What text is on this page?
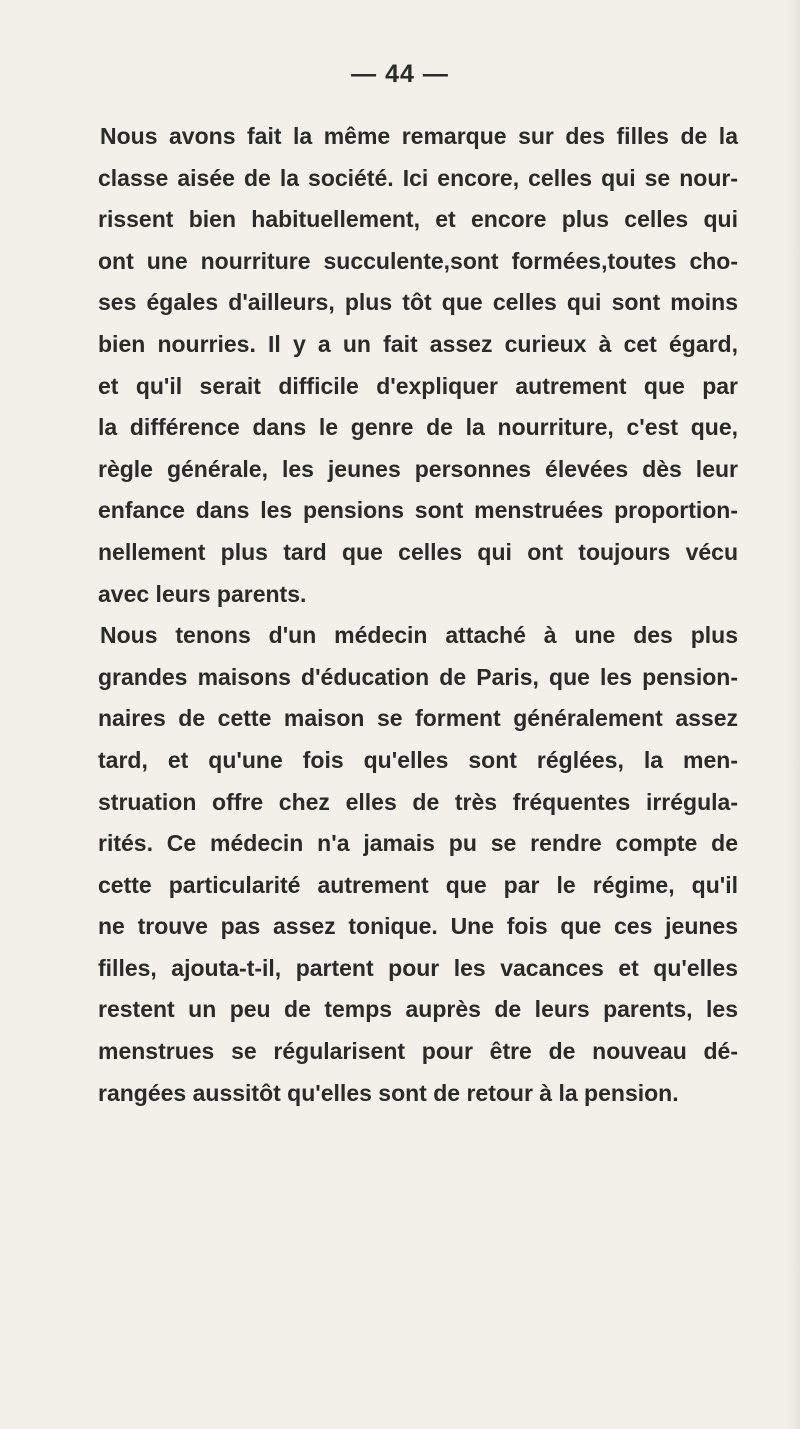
— 44 —
Nous avons fait la même remarque sur des filles de la
classe aisée de la société. Ici encore, celles qui se nour-
rissent bien habituellement, et encore plus celles qui
ont une nourriture succulente,sont formées,toutes cho-
ses égales d'ailleurs, plus tôt que celles qui sont moins
bien nourries. Il y a un fait assez curieux à cet égard,
et qu'il serait difficile d'expliquer autrement que par
la différence dans le genre de la nourriture, c'est que,
règle générale, les jeunes personnes élevées dès leur
enfance dans les pensions sont menstruées proportion-
nellement plus tard que celles qui ont toujours vécu
avec leurs parents.
Nous tenons d'un médecin attaché à une des plus
grandes maisons d'éducation de Paris, que les pension-
naires de cette maison se forment généralement assez
tard, et qu'une fois qu'elles sont réglées, la men-
struation offre chez elles de très fréquentes irrégula-
rités. Ce médecin n'a jamais pu se rendre compte de
cette particularité autrement que par le régime, qu'il
ne trouve pas assez tonique. Une fois que ces jeunes
filles, ajouta-t-il, partent pour les vacances et qu'elles
restent un peu de temps auprès de leurs parents, les
menstrues se régularisent pour être de nouveau dé-
rangées aussitôt qu'elles sont de retour à la pension.
